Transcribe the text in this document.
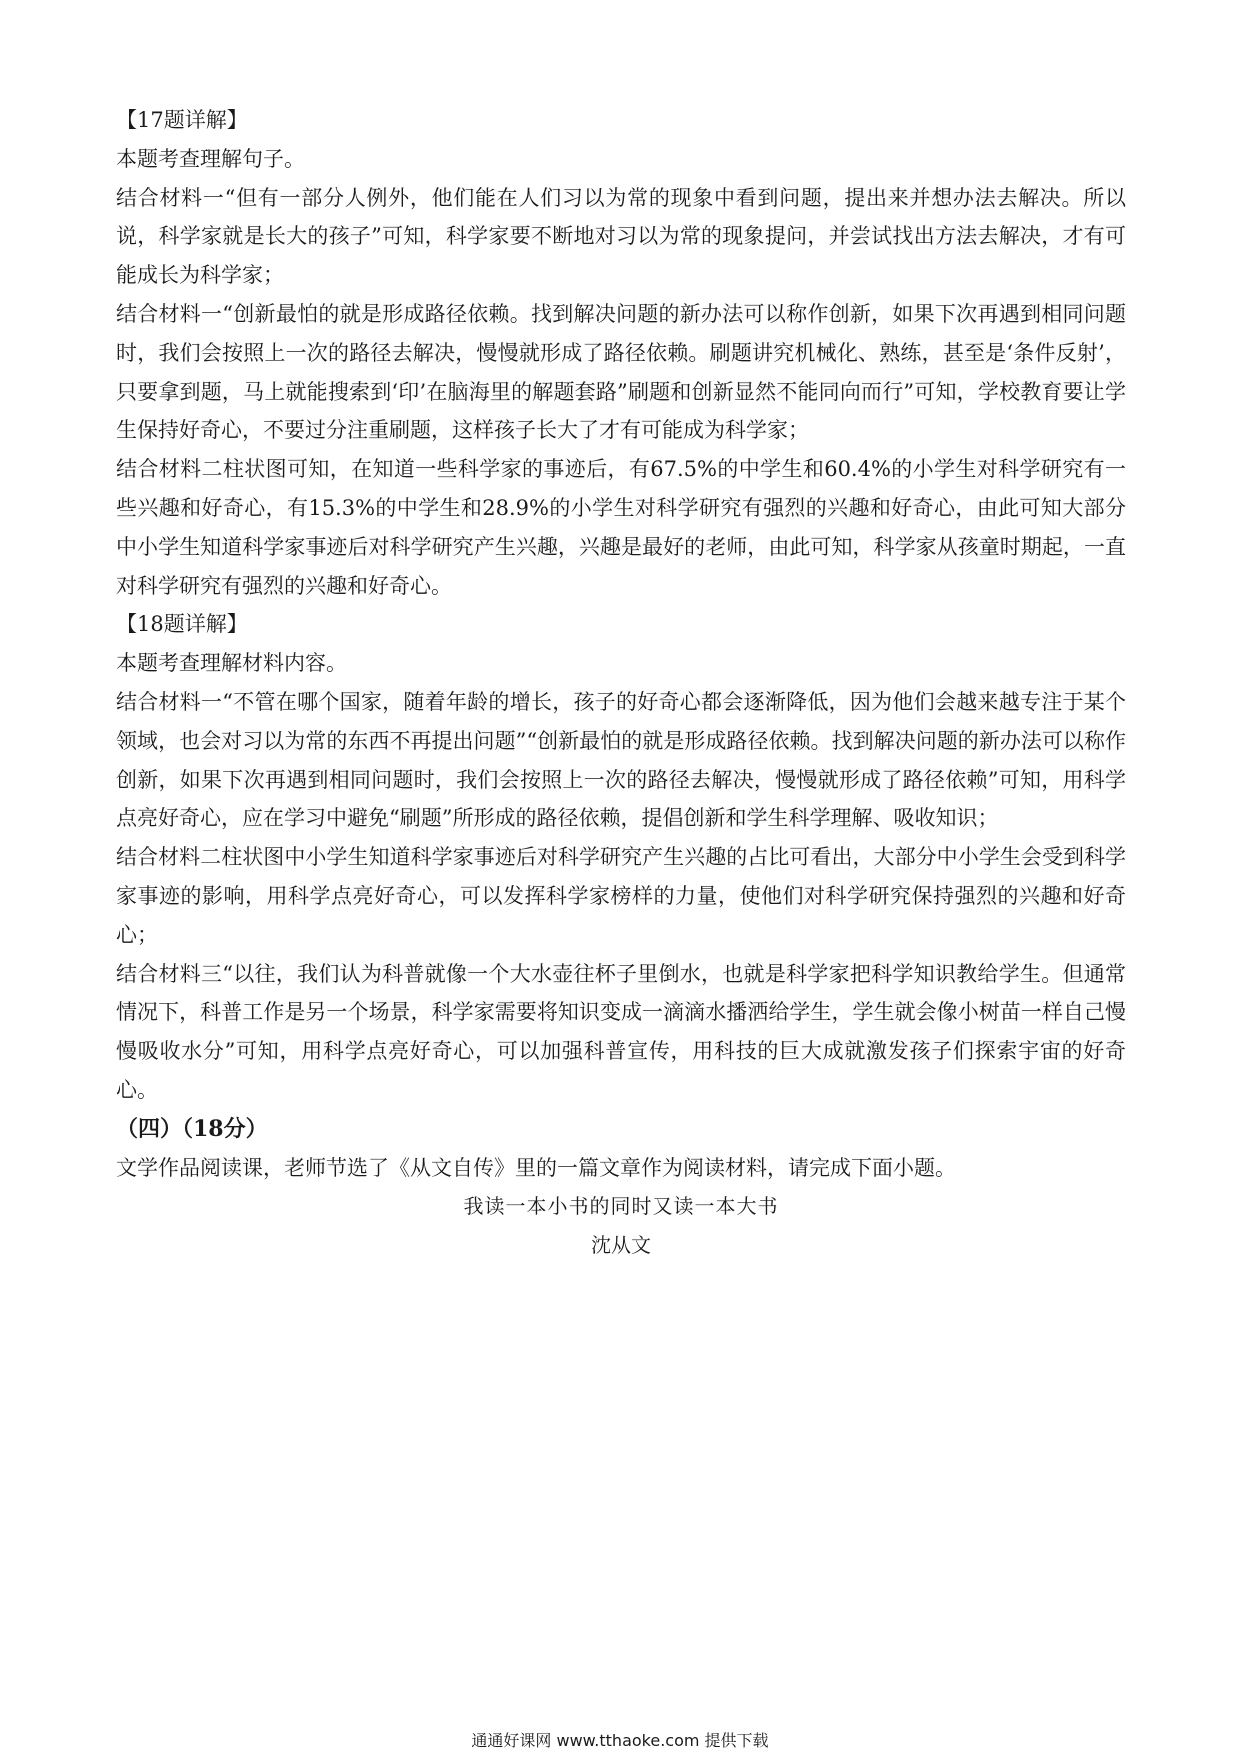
【17题详解】

本题考查理解句子。

结合材料一“但有一部分人例外，他们能在人们习以为常的现象中看到问题，提出来并想办法去解决。所以说，科学家就是长大的孩子”可知，科学家要不断地对习以为常的现象提问，并尝试找出方法去解决，才有可能成长为科学家；

结合材料一“创新最怕的就是形成路径依赖。找到解决问题的新办法可以称作创新，如果下次再遇到相同问题时，我们会按照上一次的路径去解决，慢慢就形成了路径依赖。刷题讲究机械化、熟练，甚至是‘条件反射’，只要拿到题，马上就能搜索到‘印’在脑海里的解题套路”刷题和创新显然不能同向而行”可知，学校教育要让学生保持好奇心，不要过分注重刷题，这样孩子长大了才有可能成为科学家；

结合材料二柱状图可知，在知道一些科学家的事迹后，有67.5%的中学生和60.4%的小学生对科学研究有一些兴趣和好奇心，有15.3%的中学生和28.9%的小学生对科学研究有强烈的兴趣和好奇心，由此可知大部分中小学生知道科学家事迹后对科学研究产生兴趣，兴趣是最好的老师，由此可知，科学家从孩童时期起，一直对科学研究有强烈的兴趣和好奇心。

【18题详解】

本题考查理解材料内容。

结合材料一“不管在哪个国家，随着年龄的增长，孩子的好奇心都会逐渐降低，因为他们会越来越专注于某个领域，也会对习以为常的东西不再提出问题”“创新最怕的就是形成路径依赖。找到解决问题的新办法可以称作创新，如果下次再遇到相同问题时，我们会按照上一次的路径去解决，慢慢就形成了路径依赖”可知，用科学点亮好奇心，应在学习中避免“刷题”所形成的路径依赖，提倡创新和学生科学理解、吸收知识；

结合材料二柱状图中小学生知道科学家事迹后对科学研究产生兴趣的占比可看出，大部分中小学生会受到科学家事迹的影响，用科学点亮好奇心，可以发挥科学家榜样的力量，使他们对科学研究保持强烈的兴趣和好奇心；

结合材料三“以往，我们认为科普就像一个大水壶往杯子里倒水，也就是科学家把科学知识教给学生。但通常情况下，科普工作是另一个场景，科学家需要将知识变成一滴滴水播洒给学生，学生就会像小树苗一样自己慢慢吸收水分”可知，用科学点亮好奇心，可以加强科普宣传，用科技的巨大成就激发孩子们探索宇宙的好奇心。

（四）（18分）

文学作品阅读课，老师节选了《从文自传》里的一篇文章作为阅读材料，请完成下面小题。

我读一本小书的同时又读一本大书

沈从文

通通好课网 www.tthaoke.com 提供下载
